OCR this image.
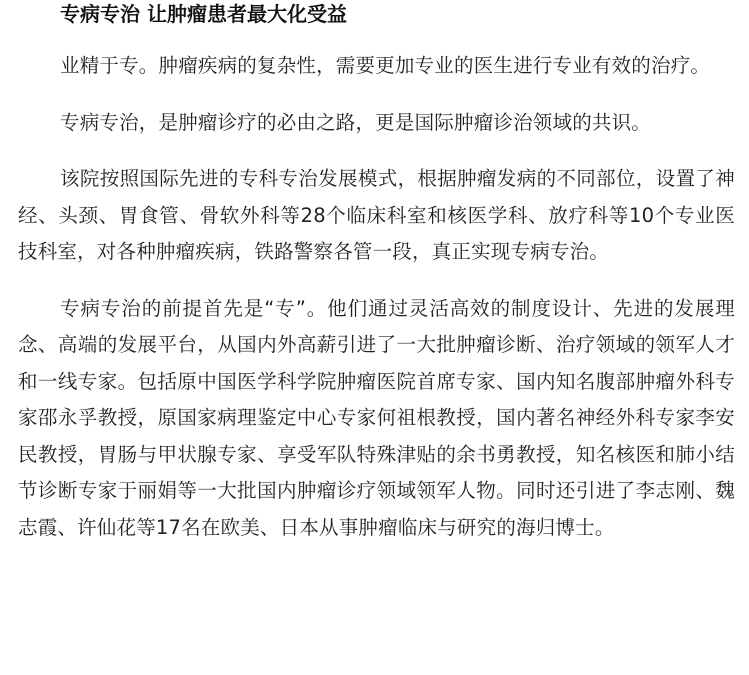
专病专治 让肿瘤患者最大化受益

业精于专。肿瘤疾病的复杂性，需要更加专业的医生进行专业有效的治疗。

专病专治，是肿瘤诊疗的必由之路，更是国际肿瘤诊治领域的共识。

该院按照国际先进的专科专治发展模式，根据肿瘤发病的不同部位，设置了神经、头颈、胃食管、骨软外科等28个临床科室和核医学科、放疗科等10个专业医技科室，对各种肿瘤疾病，铁路警察各管一段，真正实现专病专治。

专病专治的前提首先是“专”。他们通过灵活高效的制度设计、先进的发展理念、高端的发展平台，从国内外高薪引进了一大批肿瘤诊断、治疗领域的领军人才和一线专家。包括原中国医学科学院肿瘤医院首席专家、国内知名腹部肿瘤外科专家邵永孚教授，原国家病理鉴定中心专家何祖根教授，国内著名神经外科专家李安民教授，胃肠与甲状腺专家、享受军队特殊津贴的余书勇教授，知名核医和肺小结节诊断专家于丽娟等一大批国内肿瘤诊疗领域领军人物。同时还引进了李志刚、魏志霞、许仙花等17名在欧美、日本从事肿瘤临床与研究的海归博士。
